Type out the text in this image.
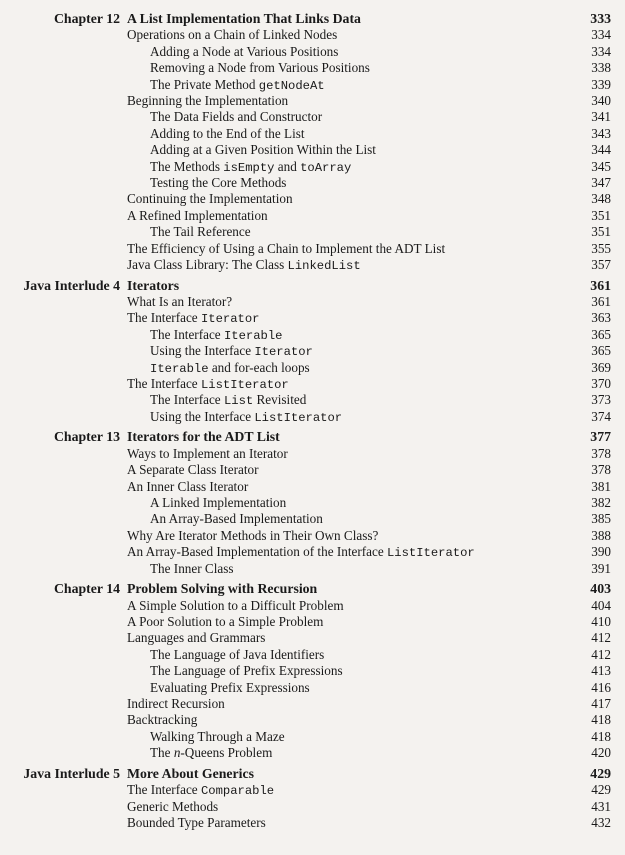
Chapter 12 A List Implementation That Links Data	333
Operations on a Chain of Linked Nodes	334
Adding a Node at Various Positions	334
Removing a Node from Various Positions	338
The Private Method getNodeAt	339
Beginning the Implementation	340
The Data Fields and Constructor	341
Adding to the End of the List	343
Adding at a Given Position Within the List	344
The Methods isEmpty and toArray	345
Testing the Core Methods	347
Continuing the Implementation	348
A Refined Implementation	351
The Tail Reference	351
The Efficiency of Using a Chain to Implement the ADT List	355
Java Class Library: The Class LinkedList	357
Java Interlude 4 Iterators	361
What Is an Iterator?	361
The Interface Iterator	363
The Interface Iterable	365
Using the Interface Iterator	365
Iterable and for-each loops	369
The Interface ListIterator	370
The Interface List Revisited	373
Using the Interface ListIterator	374
Chapter 13 Iterators for the ADT List	377
Ways to Implement an Iterator	378
A Separate Class Iterator	378
An Inner Class Iterator	381
A Linked Implementation	382
An Array-Based Implementation	385
Why Are Iterator Methods in Their Own Class?	388
An Array-Based Implementation of the Interface ListIterator	390
The Inner Class	391
Chapter 14 Problem Solving with Recursion	403
A Simple Solution to a Difficult Problem	404
A Poor Solution to a Simple Problem	410
Languages and Grammars	412
The Language of Java Identifiers	412
The Language of Prefix Expressions	413
Evaluating Prefix Expressions	416
Indirect Recursion	417
Backtracking	418
Walking Through a Maze	418
The n-Queens Problem	420
Java Interlude 5 More About Generics	429
The Interface Comparable	429
Generic Methods	431
Bounded Type Parameters	432
